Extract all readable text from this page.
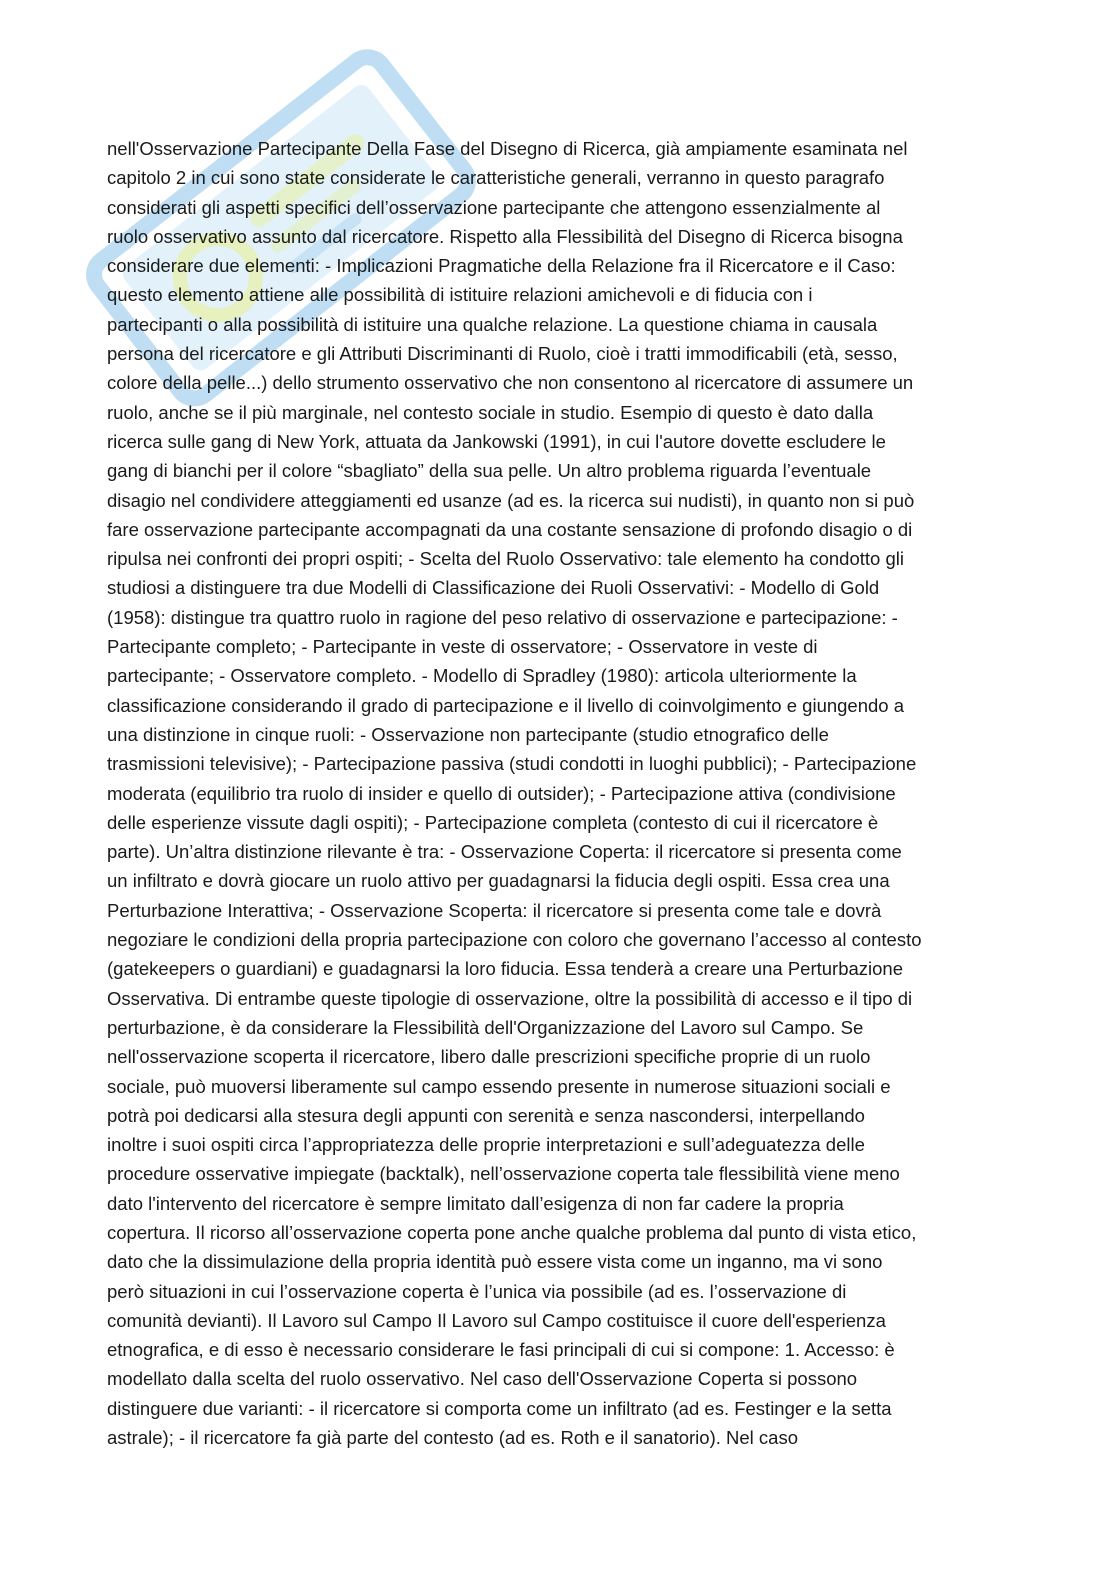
nell'Osservazione Partecipante Della Fase del Disegno di Ricerca, già ampiamente esaminata nel
capitolo 2 in cui sono state considerate le caratteristiche generali, verranno in questo paragrafo
considerati gli aspetti specifici dell’osservazione partecipante che attengono essenzialmente al
ruolo osservativo assunto dal ricercatore. Rispetto alla Flessibilità del Disegno di Ricerca bisogna
considerare due elementi: - Implicazioni Pragmatiche della Relazione fra il Ricercatore e il Caso:
questo elemento attiene alle possibilità di istituire relazioni amichevoli e di fiducia con i
partecipanti o alla possibilità di istituire una qualche relazione. La questione chiama in causala
persona del ricercatore e gli Attributi Discriminanti di Ruolo, cioè i tratti immodificabili (età, sesso,
colore della pelle...) dello strumento osservativo che non consentono al ricercatore di assumere un
ruolo, anche se il più marginale, nel contesto sociale in studio. Esempio di questo è dato dalla
ricerca sulle gang di New York, attuata da Jankowski (1991), in cui l'autore dovette escludere le
gang di bianchi per il colore “sbagliato” della sua pelle. Un altro problema riguarda l’eventuale
disagio nel condividere atteggiamenti ed usanze (ad es. la ricerca sui nudisti), in quanto non si può
fare osservazione partecipante accompagnati da una costante sensazione di profondo disagio o di
ripulsa nei confronti dei propri ospiti; - Scelta del Ruolo Osservativo: tale elemento ha condotto gli
studiosi a distinguere tra due Modelli di Classificazione dei Ruoli Osservativi: - Modello di Gold
(1958): distingue tra quattro ruolo in ragione del peso relativo di osservazione e partecipazione: -
Partecipante completo; - Partecipante in veste di osservatore; - Osservatore in veste di
partecipante; - Osservatore completo. - Modello di Spradley (1980): articola ulteriormente la
classificazione considerando il grado di partecipazione e il livello di coinvolgimento e giungendo a
una distinzione in cinque ruoli: - Osservazione non partecipante (studio etnografico delle
trasmissioni televisive); - Partecipazione passiva (studi condotti in luoghi pubblici); - Partecipazione
moderata (equilibrio tra ruolo di insider e quello di outsider); - Partecipazione attiva (condivisione
delle esperienze vissute dagli ospiti); - Partecipazione completa (contesto di cui il ricercatore è
parte). Un’altra distinzione rilevante è tra: - Osservazione Coperta: il ricercatore si presenta come
un infiltrato e dovrà giocare un ruolo attivo per guadagnarsi la fiducia degli ospiti. Essa crea una
Perturbazione Interattiva; - Osservazione Scoperta: il ricercatore si presenta come tale e dovrà
negoziare le condizioni della propria partecipazione con coloro che governano l’accesso al contesto
(gatekeepers o guardiani) e guadagnarsi la loro fiducia. Essa tenderà a creare una Perturbazione
Osservativa. Di entrambe queste tipologie di osservazione, oltre la possibilità di accesso e il tipo di
perturbazione, è da considerare la Flessibilità dell'Organizzazione del Lavoro sul Campo. Se
nell'osservazione scoperta il ricercatore, libero dalle prescrizioni specifiche proprie di un ruolo
sociale, può muoversi liberamente sul campo essendo presente in numerose situazioni sociali e
potrà poi dedicarsi alla stesura degli appunti con serenità e senza nascondersi, interpellando
inoltre i suoi ospiti circa l’appropriatezza delle proprie interpretazioni e sull’adeguatezza delle
procedure osservative impiegate (backtalk), nell’osservazione coperta tale flessibilità viene meno
dato l'intervento del ricercatore è sempre limitato dall’esigenza di non far cadere la propria
copertura. Il ricorso all’osservazione coperta pone anche qualche problema dal punto di vista etico,
dato che la dissimulazione della propria identità può essere vista come un inganno, ma vi sono
però situazioni in cui l’osservazione coperta è l’unica via possibile (ad es. l’osservazione di
comunità devianti). Il Lavoro sul Campo Il Lavoro sul Campo costituisce il cuore dell'esperienza
etnografica, e di esso è necessario considerare le fasi principali di cui si compone: 1. Accesso: è
modellato dalla scelta del ruolo osservativo. Nel caso dell'Osservazione Coperta si possono
distinguere due varianti: - il ricercatore si comporta come un infiltrato (ad es. Festinger e la setta
astrale); - il ricercatore fa già parte del contesto (ad es. Roth e il sanatorio). Nel caso
